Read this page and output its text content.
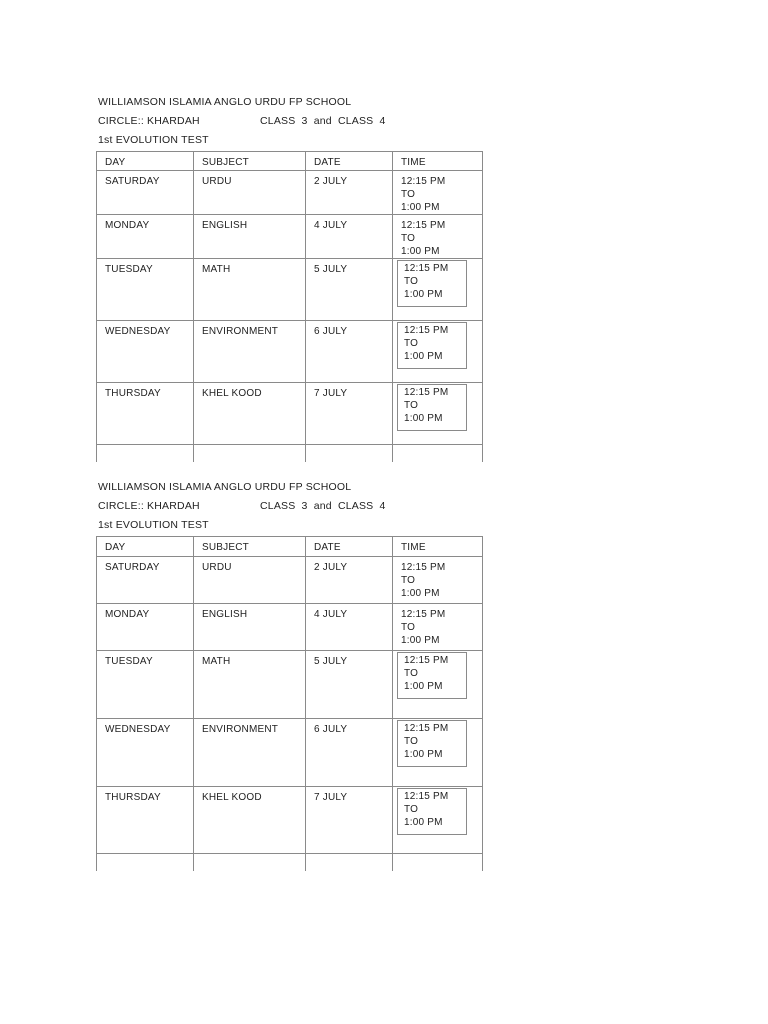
WILLIAMSON ISLAMIA ANGLO URDU FP SCHOOL
CIRCLE:: KHARDAH	CLASS 3 and CLASS 4
1st EVOLUTION TEST
DAY	SUBJECT	DATE	TIME
SATURDAY	URDU	2 JULY	12:15 PM
TO
1:00 PM

MONDAY	ENGLISH	4 JULY	12:15 PM
TO
1:00 PM

TUESDAY	MATH	5 JULY	12:15 PM
TO
1:00 PM

WEDNESDAY	ENVIRONMENT	6 JULY	12:15 PM
TO
1:00 PM

THURSDAY	KHEL KOOD	7 JULY	12:15 PM
TO
1:00 PM

WILLIAMSON ISLAMIA ANGLO URDU FP SCHOOL
CIRCLE:: KHARDAH	CLASS 3 and CLASS 4
1st EVOLUTION TEST
DAY	SUBJECT	DATE	TIME
SATURDAY	URDU	2 JULY	12:15 PM
TO
1:00 PM

MONDAY	ENGLISH	4 JULY	12:15 PM
TO
1:00 PM

TUESDAY	MATH	5 JULY	12:15 PM
TO
1:00 PM

WEDNESDAY	ENVIRONMENT	6 JULY	12:15 PM
TO
1:00 PM

THURSDAY	KHEL KOOD	7 JULY	12:15 PM
TO
1:00 PM
